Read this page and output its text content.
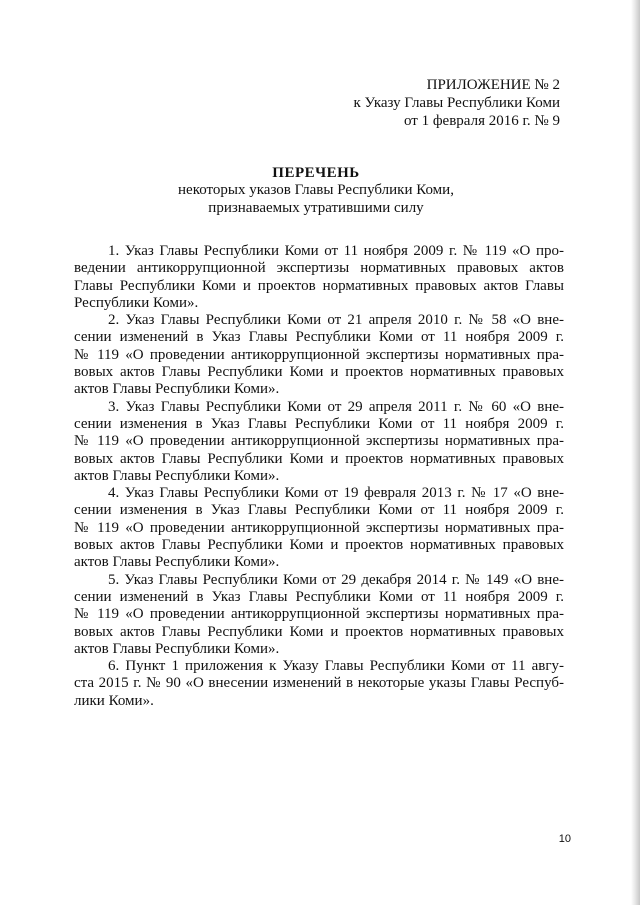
ПРИЛОЖЕНИЕ № 2
к Указу Главы Республики Коми
от 1 февраля 2016 г. № 9
ПЕРЕЧЕНЬ
некоторых указов Главы Республики Коми,
признаваемых утратившими силу
1. Указ Главы Республики Коми от 11 ноября 2009 г. № 119 «О про-
ведении антикоррупционной экспертизы нормативных правовых актов
Главы Республики Коми и проектов нормативных правовых актов Главы
Республики Коми».
2. Указ Главы Республики Коми от 21 апреля 2010 г. № 58 «О вне-
сении изменений в Указ Главы Республики Коми от 11 ноября 2009 г.
№ 119 «О проведении антикоррупционной экспертизы нормативных пра-
вовых актов Главы Республики Коми и проектов нормативных правовых
актов Главы Республики Коми».
3. Указ Главы Республики Коми от 29 апреля 2011 г. № 60 «О вне-
сении изменения в Указ Главы Республики Коми от 11 ноября 2009 г.
№ 119 «О проведении антикоррупционной экспертизы нормативных пра-
вовых актов Главы Республики Коми и проектов нормативных правовых
актов Главы Республики Коми».
4. Указ Главы Республики Коми от 19 февраля 2013 г. № 17 «О вне-
сении изменения в Указ Главы Республики Коми от 11 ноября 2009 г.
№ 119 «О проведении антикоррупционной экспертизы нормативных пра-
вовых актов Главы Республики Коми и проектов нормативных правовых
актов Главы Республики Коми».
5. Указ Главы Республики Коми от 29 декабря 2014 г. № 149 «О вне-
сении изменений в Указ Главы Республики Коми от 11 ноября 2009 г.
№ 119 «О проведении антикоррупционной экспертизы нормативных пра-
вовых актов Главы Республики Коми и проектов нормативных правовых
актов Главы Республики Коми».
6. Пункт 1 приложения к Указу Главы Республики Коми от 11 авгу-
ста 2015 г. № 90 «О внесении изменений в некоторые указы Главы Респуб-
лики Коми».
10
